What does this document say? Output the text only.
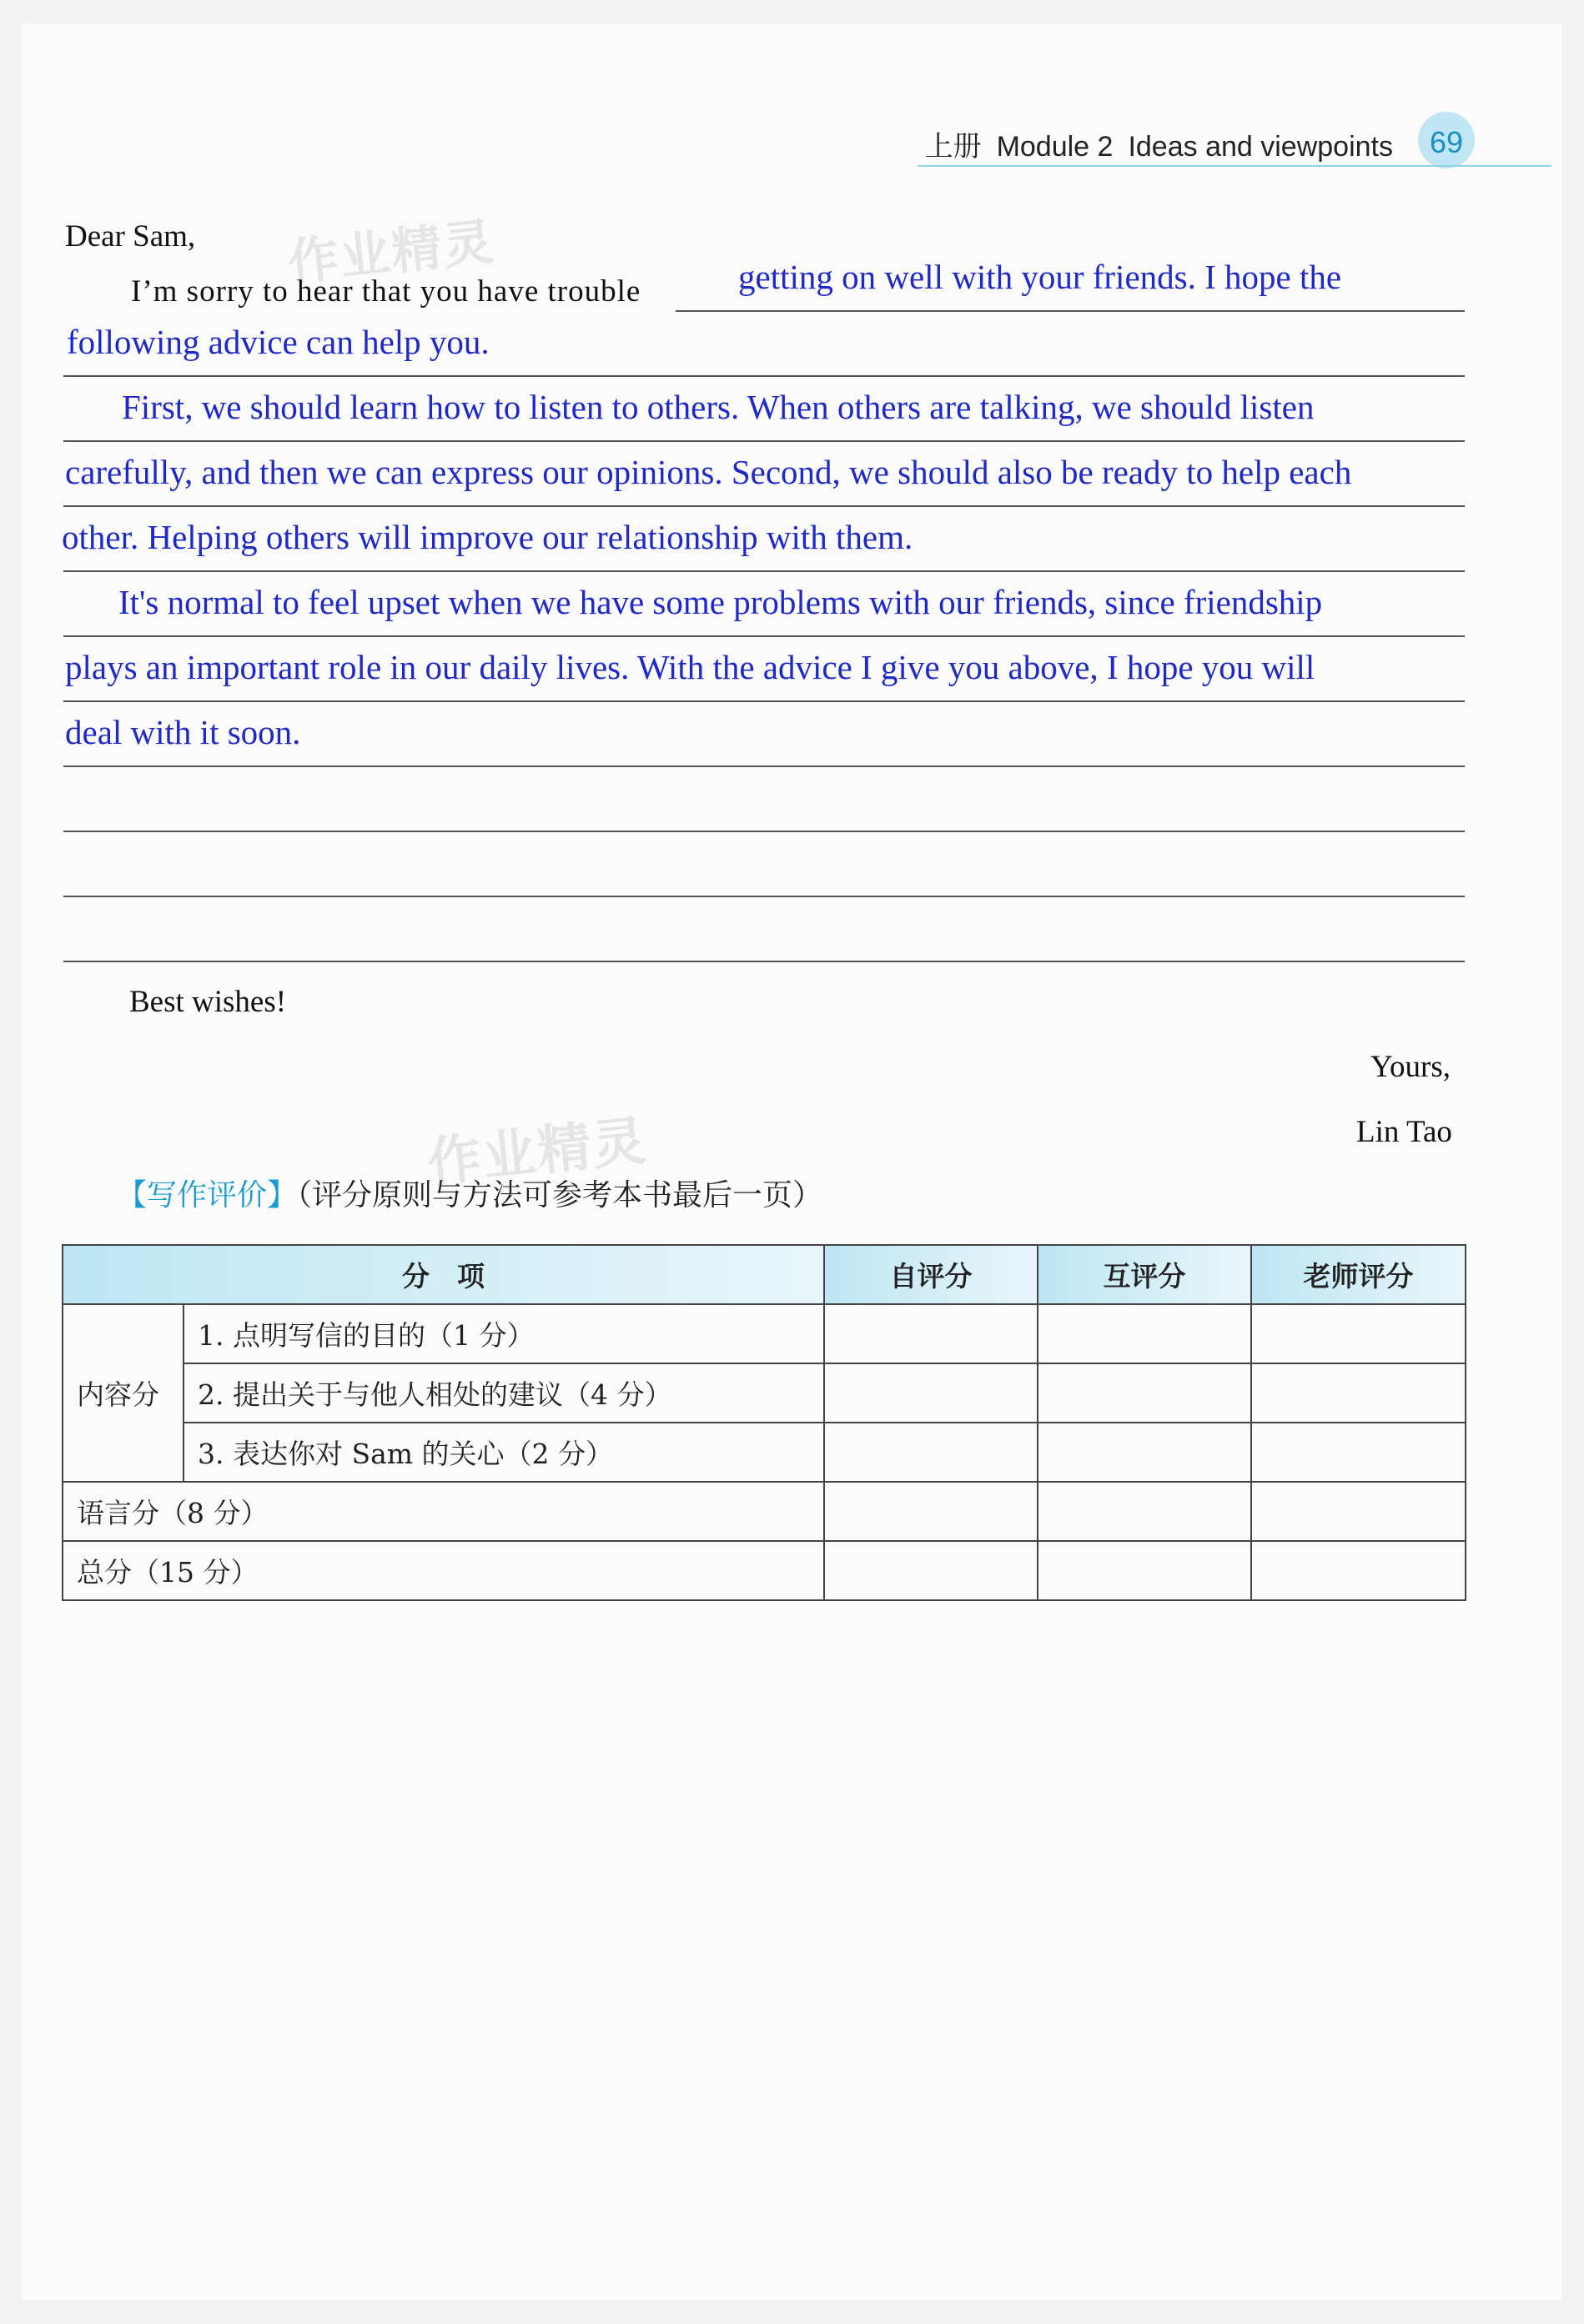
上册 Module 2 Ideas and viewpoints	69
作业精灵
作业精灵
Dear Sam,
I’m sorry to hear that you have trouble	getting on well with your friends. I hope the
following advice can help you.
First, we should learn how to listen to others. When others are talking, we should listen
carefully, and then we can express our opinions. Second, we should also be ready to help each
other. Helping others will improve our relationship with them.
It's normal to feel upset when we have some problems with our friends, since friendship
plays an important role in our daily lives. With the advice I give you above, I hope you will
deal with it soon.
Best wishes!
Yours,
Lin Tao
【写作评价】（评分原则与方法可参考本书最后一页）
分　项		自评分	互评分	老师评分
内容分	1. 点明写信的目的（1 分）			
	2. 提出关于与他人相处的建议（4 分）			
	3. 表达你对 Sam 的关心（2 分）			
语言分（8 分）				
总分（15 分）				
